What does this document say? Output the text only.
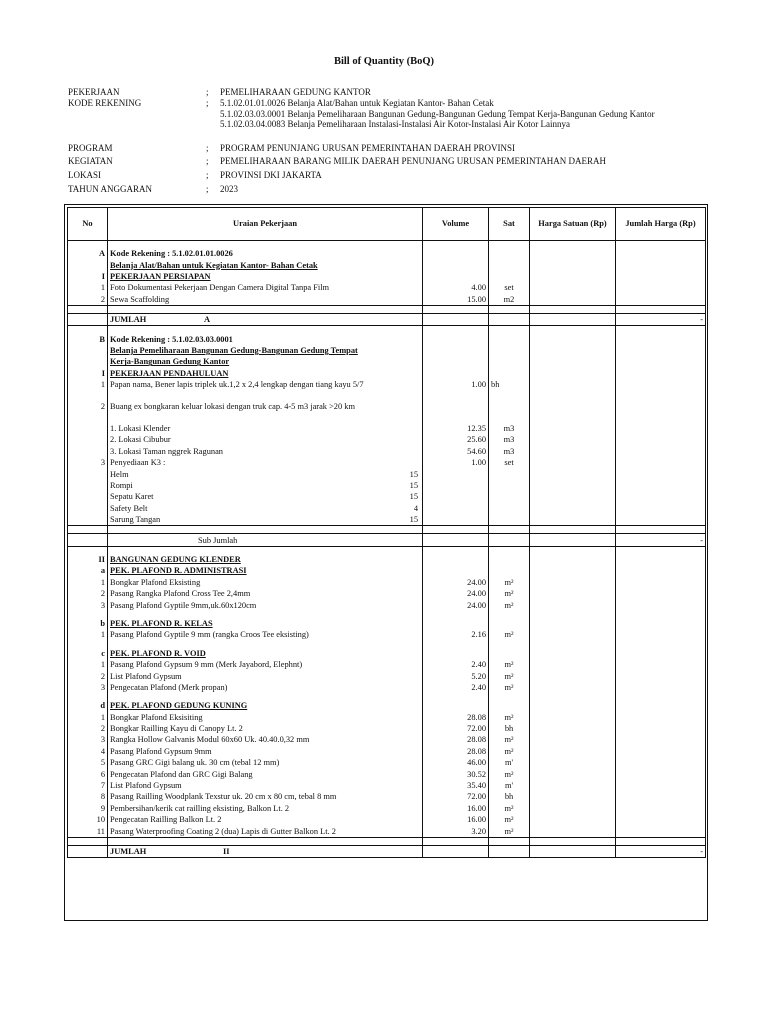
Bill of Quantity (BoQ)
PEKERJAAN	; PEMELIHARAAN GEDUNG KANTOR
KODE REKENING	; 5.1.02.01.01.0026 Belanja Alat/Bahan untuk Kegiatan Kantor- Bahan Cetak
5.1.02.03.03.0001 Belanja Pemeliharaan Bangunan Gedung-Bangunan Gedung Tempat Kerja-Bangunan Gedung Kantor
5.1.02.03.04.0083 Belanja Pemeliharaan Instalasi-Instalasi Air Kotor-Instalasi Air Kotor Lainnya
PROGRAM	; PROGRAM PENUNJANG URUSAN PEMERINTAHAN DAERAH PROVINSI
KEGIATAN	; PEMELIHARAAN BARANG MILIK DAERAH PENUNJANG URUSAN PEMERINTAHAN DAERAH
LOKASI	; PROVINSI DKI JAKARTA
TAHUN ANGGARAN	; 2023
No	Uraian Pekerjaan	Volume	Sat	Harga Satuan (Rp)	Jumlah Harga (Rp)

A	Kode Rekening : 5.1.02.01.01.0026				
	Belanja Alat/Bahan untuk Kegiatan Kantor- Bahan Cetak				
I	PEKERJAAN PERSIAPAN				
1	Foto Dokumentasi Pekerjaan Dengan Camera Digital Tanpa Film	4.00	set		
2	Sewa Scaffolding	15.00	m2		

	JUMLAH A				-

B	Kode Rekening : 5.1.02.03.03.0001				
	Belanja Pemeliharaan Bangunan Gedung-Bangunan Gedung Tempat				
	Kerja-Bangunan Gedung Kantor				
I	PEKERJAAN PENDAHULUAN				
1	Papan nama, Bener lapis triplek uk.1,2 x 2,4 lengkap dengan tiang kayu 5/7	1.00	bh		
2	Buang ex bongkaran keluar lokasi dengan truk cap. 4-5 m3 jarak >20 km				
	1. Lokasi Klender	12.35	m3		
	2. Lokasi Cibubur	25.60	m3		
	3. Lokasi Taman nggrek Ragunan	54.60	m3		
3	Penyediaan K3 :	1.00	set		
	Helm 15				

	Rompi 15				

	Sepatu Karet 15				

	Safety Belt 4				

	Sarung Tangan 15				

	Sub Jumlah				-

II	BANGUNAN GEDUNG KLENDER				
a	PEK. PLAFOND R. ADMINISTRASI				
1	Bongkar Plafond Eksisting	24.00	m²		
2	Pasang Rangka Plafond Cross Tee 2,4mm	24.00	m²		
3	Pasang Plafond Gyptile 9mm,uk.60x120cm	24.00	m²		

b	PEK. PLAFOND R. KELAS				
1	Pasang Plafond Gyptile 9 mm (rangka Croos Tee eksisting)	2.16	m²		

c	PEK. PLAFOND R. VOID				
1	Pasang Plafond Gypsum 9 mm (Merk Jayabord, Elephnt)	2.40	m²		
2	List Plafond Gypsum	5.20	m²		
3	Pengecatan Plafond (Merk propan)	2.40	m²		

d	PEK. PLAFOND GEDUNG KUNING				
1	Bongkar Plafond Eksisiting	28.08	m²		
2	Bongkar Railling Kayu di Canopy Lt. 2	72.00	bh		
3	Rangka Hollow Galvanis Modul 60x60 Uk. 40.40.0,32 mm	28.08	m²		
4	Pasang Plafond Gypsum 9mm	28.08	m²		
5	Pasang GRC Gigi balang uk. 30 cm (tebal 12 mm)	46.00	m'		
6	Pengecatan Plafond dan GRC Gigi Balang	30.52	m²		
7	List Plafond Gypsum	35.40	m'		
8	Pasang Railling Woodplank Texstur uk. 20 cm x 80 cm, tebal 8 mm	72.00	bh		
9	Pembersihan/kerik cat railling eksisting, Balkon Lt. 2	16.00	m²		
10	Pengecatan Railling Balkon Lt. 2	16.00	m²		
11	Pasang Waterproofing Coating 2 (dua) Lapis di Gutter Balkon Lt. 2	3.20	m²		

	JUMLAH II				-
